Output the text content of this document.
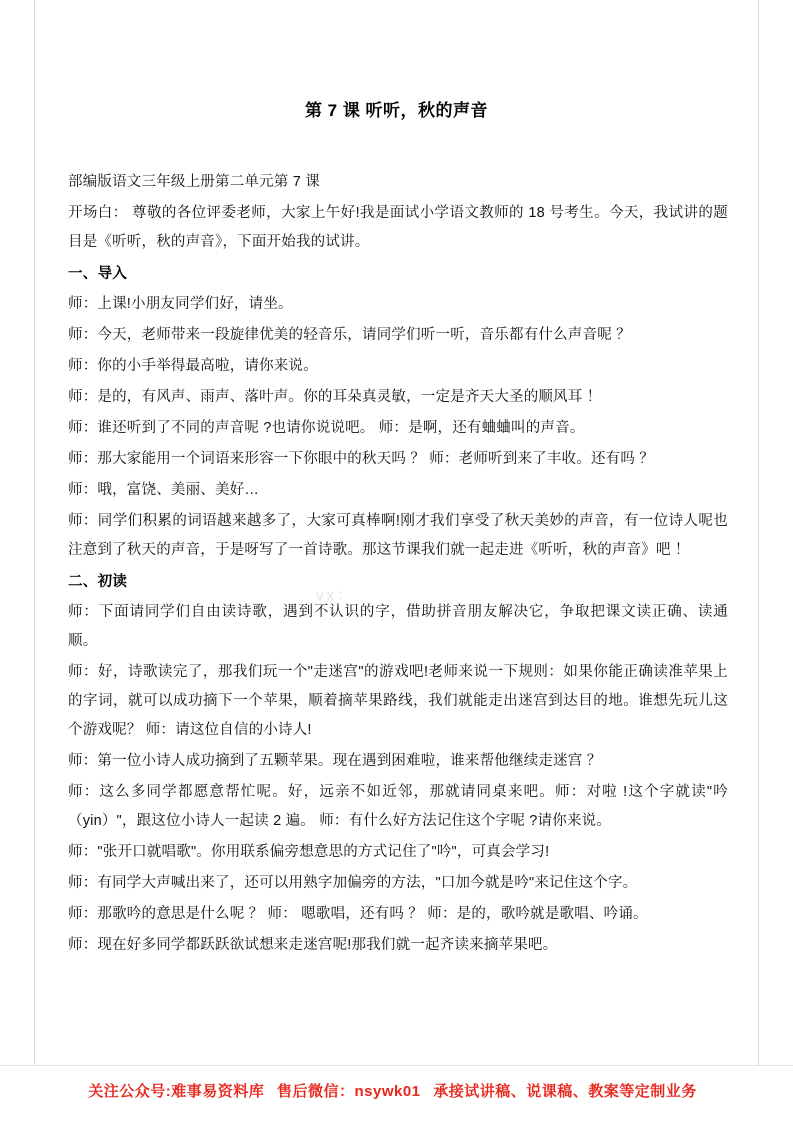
第 7 课 听听，秋的声音

部编版语文三年级上册第二单元第 7 课

开场白： 尊敬的各位评委老师，大家上午好!我是面试小学语文教师的 18 号考生。今天，我试讲的题目是《听听，秋的声音》，下面开始我的试讲。

一、导入

师：上课!小朋友同学们好，请坐。

师：今天，老师带来一段旋律优美的轻音乐，请同学们听一听，音乐都有什么声音呢 ？

师：你的小手举得最高啦，请你来说。

师：是的，有风声、雨声、落叶声。你的耳朵真灵敏，一定是齐天大圣的顺风耳 ！

师：谁还听到了不同的声音呢 ?也请你说说吧。 师：是啊，还有蛐蛐叫的声音。

师：那大家能用一个词语来形容一下你眼中的秋天吗 ？ 师：老师听到来了丰收。还有吗 ？

师：哦，富饶、美丽、美好…

师：同学们积累的词语越来越多了，大家可真棒啊!刚才我们享受了秋天美妙的声音，有一位诗人呢也注意到了秋天的声音，于是呀写了一首诗歌。那这节课我们就一起走进《听听，秋的声音》吧 ！

二、初读

师：下面请同学们自由读诗歌，遇到不认识的字，借助拼音朋友解决它，争取把课文读正确、读通顺。

师：好，诗歌读完了，那我们玩一个"走迷宫"的游戏吧!老师来说一下规则：如果你能正确读准苹果上的字词，就可以成功摘下一个苹果，顺着摘苹果路线，我们就能走出迷宫到达目的地。谁想先玩儿这个游戏呢？ 师：请这位自信的小诗人!

师：第一位小诗人成功摘到了五颗苹果。现在遇到困难啦，谁来帮他继续走迷宫 ？

师：这么多同学都愿意帮忙呢。好，远亲不如近邻，那就请同桌来吧。师：对啦 !这个字就读"吟（yin）"，跟这位小诗人一起读 2 遍。 师：有什么好方法记住这个字呢 ?请你来说。

师："张开口就唱歌"。你用联系偏旁想意思的方式记住了"吟"，可真会学习!

师：有同学大声喊出来了，还可以用熟字加偏旁的方法，"口加今就是吟"来记住这个字。

师：那歌吟的意思是什么呢 ？ 师： 嗯歌唱，还有吗 ？ 师：是的，歌吟就是歌唱、吟诵。

师：现在好多同学都跃跃欲试想来走迷宫呢!那我们就一起齐读来摘苹果吧。

vx：
关注公众号:难事易资料库 售后微信：nsywk01 承接试讲稿、说课稿、教案等定制业务
